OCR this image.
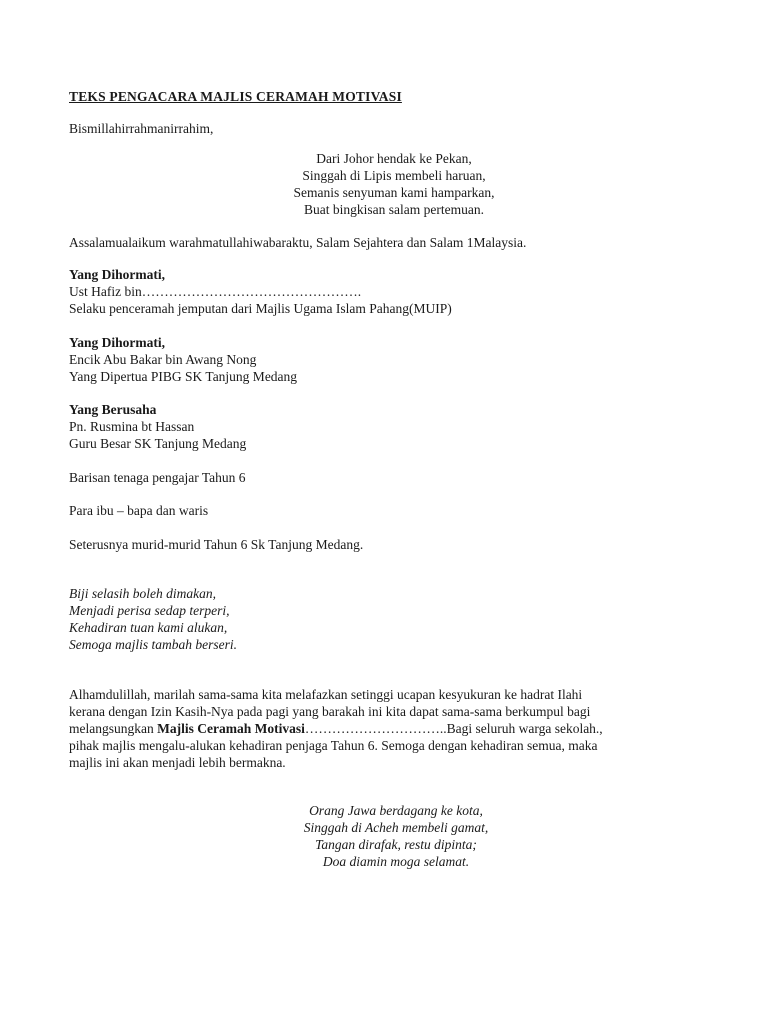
TEKS PENGACARA MAJLIS CERAMAH MOTIVASI
Bismillahirrahmanirrahim,
Dari Johor hendak ke Pekan,
Singgah di Lipis membeli haruan,
Semanis senyuman kami hamparkan,
Buat bingkisan salam pertemuan.
Assalamualaikum warahmatullahiwabaraktu, Salam Sejahtera dan Salam 1Malaysia.
Yang Dihormati,
Ust Hafiz bin………………………………………….
Selaku penceramah jemputan dari Majlis Ugama Islam Pahang(MUIP)
Yang Dihormati,
Encik Abu Bakar bin Awang Nong
Yang Dipertua PIBG SK Tanjung Medang
Yang Berusaha
Pn. Rusmina bt Hassan
Guru Besar SK Tanjung Medang
Barisan tenaga pengajar Tahun 6
Para ibu – bapa dan waris
Seterusnya murid-murid Tahun 6 Sk Tanjung Medang.
Biji selasih boleh dimakan,
Menjadi perisa sedap terperi,
Kehadiran tuan kami alukan,
Semoga majlis tambah berseri.
Alhamdulillah, marilah sama-sama kita melafazkan setinggi ucapan kesyukuran ke hadrat Ilahi
kerana dengan Izin Kasih-Nya pada pagi yang barakah ini kita dapat sama-sama berkumpul bagi
melangsungkan Majlis Ceramah Motivasi…………………………..Bagi seluruh warga sekolah.,
pihak majlis mengalu-alukan kehadiran penjaga Tahun 6. Semoga dengan kehadiran semua, maka
majlis ini akan menjadi lebih bermakna.
Orang Jawa berdagang ke kota,
Singgah di Acheh membeli gamat,
Tangan dirafak, restu dipinta;
Doa diamin moga selamat.
